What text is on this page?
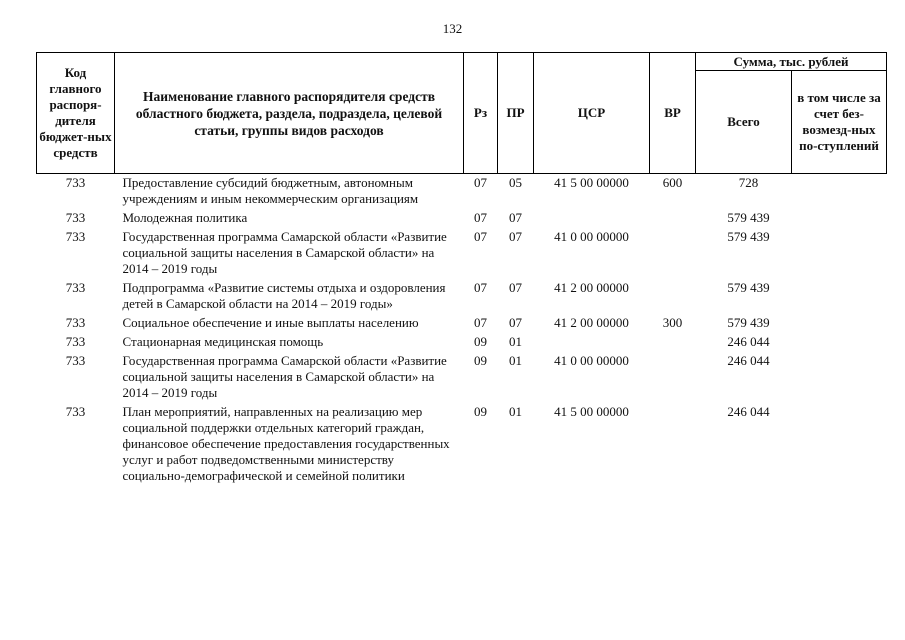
132
Код главного распоря-дителя бюджет-ных средств	Наименование главного распорядителя средств областного бюджета, раздела, подраздела, целевой статьи, группы видов расходов	Рз	ПР	ЦСР	ВР	Сумма, тыс. рублей	
						Всего	в том числе за счет без-возмезд-ных по-ступлений
733	Предоставление субсидий бюджетным, автономным учреждениям и иным некоммерческим организациям	07	05	41 5 00 00000	600	728	
733	Молодежная политика	07	07			579 439	
733	Государственная программа Самарской области «Развитие социальной защиты населения в Самарской области» на 2014 – 2019 годы	07	07	41 0 00 00000		579 439	
733	Подпрограмма «Развитие системы отдыха и оздоровления детей в Самарской области на 2014 – 2019 годы»	07	07	41 2 00 00000		579 439	
733	Социальное обеспечение и иные выплаты населению	07	07	41 2 00 00000	300	579 439	
733	Стационарная медицинская помощь	09	01			246 044	
733	Государственная программа Самарской области «Развитие социальной защиты населения в Самарской области» на 2014 – 2019 годы	09	01	41 0 00 00000		246 044	
733	План мероприятий, направленных на реализацию мер социальной поддержки отдельных категорий граждан, финансовое обеспечение предоставления государственных услуг и работ подведомственными министерству социально-демографической и семейной политики	09	01	41 5 00 00000		246 044	
